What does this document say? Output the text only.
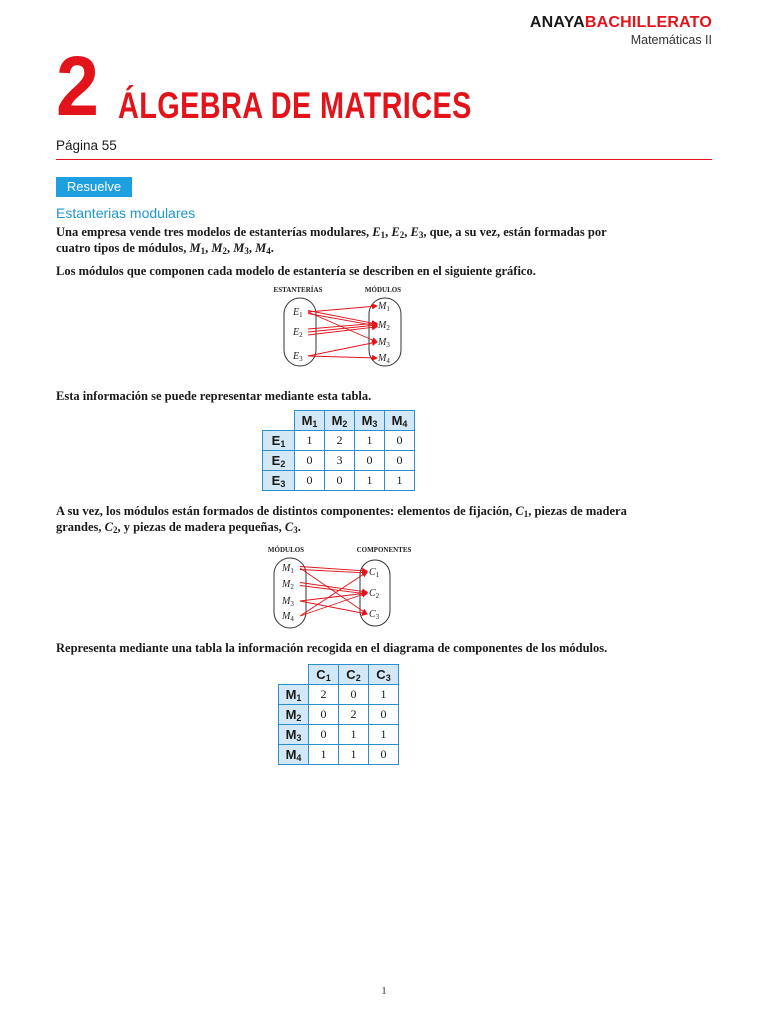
ANAYABACHILLERATO
Matemáticas II
2 ÁLGEBRA DE MATRICES
Página 55
Resuelve
Estanterias modulares
Una empresa vende tres modelos de estanterías modulares, $E_1$, $E_2$, $E_3$, que, a su vez, están formadas por cuatro tipos de módulos, $M_1$, $M_2$, $M_3$, $M_4$.
Los módulos que componen cada modelo de estantería se describen en el siguiente gráfico.
ESTANTERÍAS	MÓDULOS
$E_1$
$E_2$
$E_3$
$M_1$
$M_2$
$M_3$
$M_4$
Esta información se puede representar mediante esta tabla.
	$M_1$	$M_2$	$M_3$	$M_4$
$E_1$	1	2	1	0
$E_2$	0	3	0	0
$E_3$	0	0	1	1
A su vez, los módulos están formados de distintos componentes: elementos de fijación, $C_1$, piezas de madera grandes, $C_2$, y piezas de madera pequeñas, $C_3$.
MÓDULOS	COMPONENTES
$M_1$
$M_2$
$M_3$
$M_4$
$C_1$
$C_2$
$C_3$
Representa mediante una tabla la información recogida en el diagrama de componentes de los módulos.
	$C_1$	$C_2$	$C_3$
$M_1$	2	0	1
$M_2$	0	2	0
$M_3$	0	1	1
$M_4$	1	1	0
1
